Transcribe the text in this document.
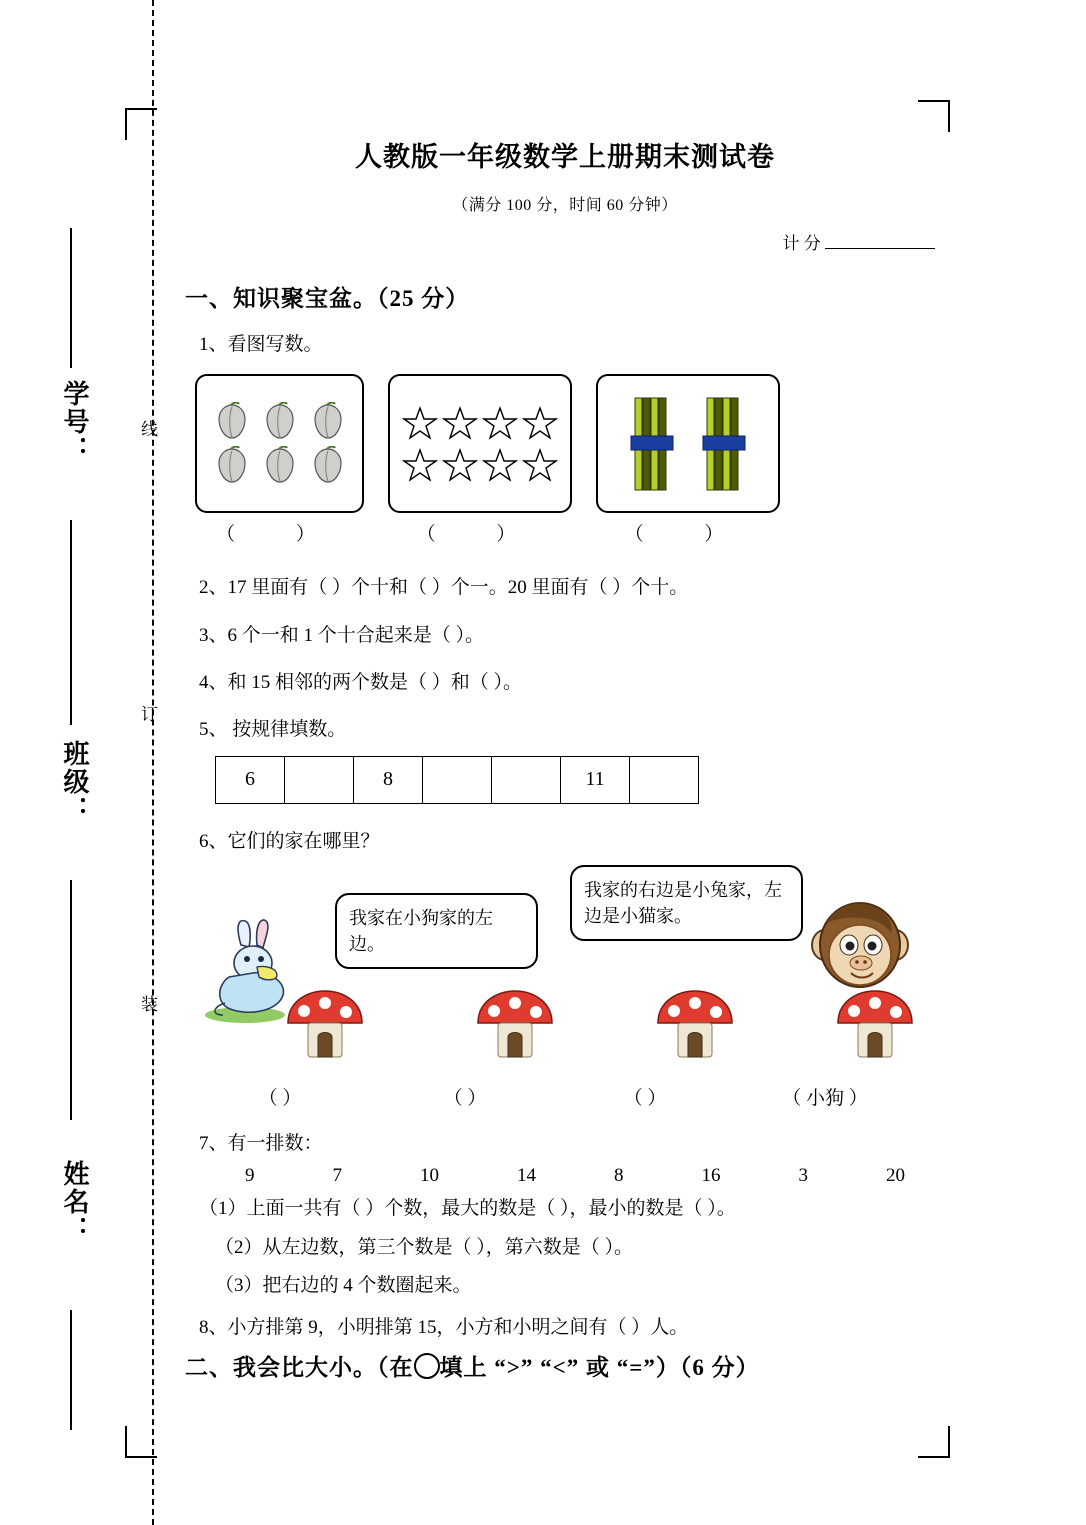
学号：	线
订
班级：
装
姓名：
人教版一年级数学上册期末测试卷
（满分 100 分，时间 60 分钟）
计 分
一、知识聚宝盆。（25 分）
1、看图写数。
（ ）	（ ）	（ ）
2、17 里面有（ ）个十和（ ）个一。20 里面有（ ）个十。
3、6 个一和 1 个十合起来是（ ）。
4、和 15 相邻的两个数是（ ）和（ ）。
5、 按规律填数。
6		8			11	
6、它们的家在哪里？
我家在小狗家的左边。
我家的右边是小兔家，左边是小猫家。
（ ）	（ ）	（ ）	（ 小狗 ）
7、有一排数：
9	7	10	14	8	16	3	20
（1）上面一共有（ ）个数，最大的数是（ ），最小的数是（ ）。
（2）从左边数，第三个数是（ ），第六数是（ ）。
（3）把右边的 4 个数圈起来。
8、小方排第 9，小明排第 15，小方和小明之间有（ ）人。
二、我会比大小。（在 填上 “>” “<” 或 “=”）（6 分）
